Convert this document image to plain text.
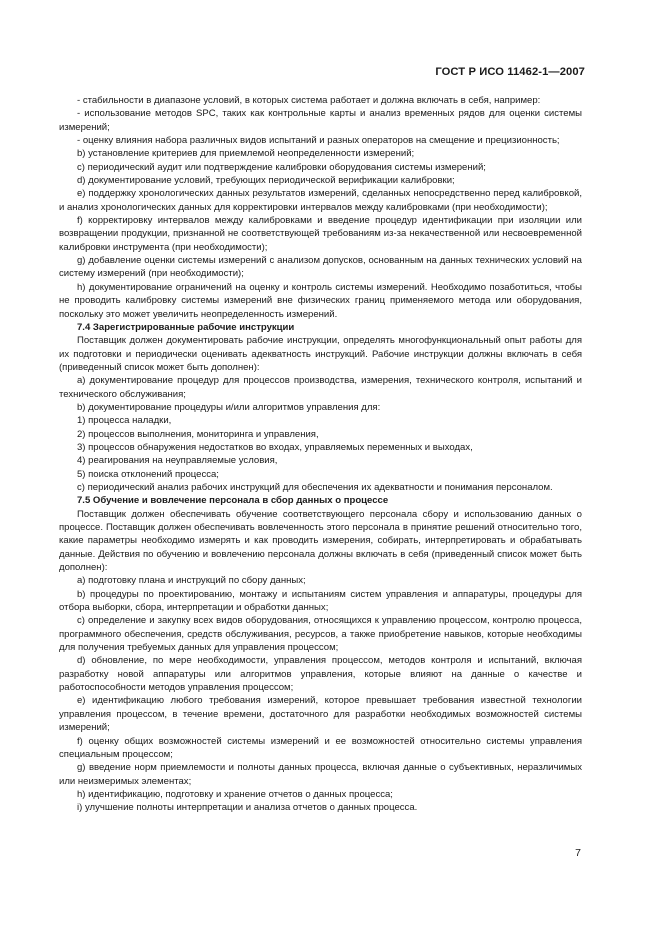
ГОСТ Р ИСО 11462-1—2007

- стабильности в диапазоне условий, в которых система работает и должна включать в себя, например:

- использование методов SPC, таких как контрольные карты и анализ временных рядов для оценки системы измерений;

- оценку влияния набора различных видов испытаний и разных операторов на смещение и прецизионность;

b) установление критериев для приемлемой неопределенности измерений;

c) периодический аудит или подтверждение калибровки оборудования системы измерений;

d) документирование условий, требующих периодической верификации калибровки;

e) поддержку хронологических данных результатов измерений, сделанных непосредственно перед калибровкой, и анализ хронологических данных для корректировки интервалов между калибровками (при необходимости);

f) корректировку интервалов между калибровками и введение процедур идентификации при изоляции или возвращении продукции, признанной не соответствующей требованиям из-за некачественной или несвоевременной калибровки инструмента (при необходимости);

g) добавление оценки системы измерений с анализом допусков, основанным на данных технических условий на систему измерений (при необходимости);

h) документирование ограничений на оценку и контроль системы измерений. Необходимо позаботиться, чтобы не проводить калибровку системы измерений вне физических границ применяемого метода или оборудования, поскольку это может увеличить неопределенность измерений.

7.4 Зарегистрированные рабочие инструкции

Поставщик должен документировать рабочие инструкции, определять многофункциональный опыт работы для их подготовки и периодически оценивать адекватность инструкций. Рабочие инструкции должны включать в себя (приведенный список может быть дополнен):

a) документирование процедур для процессов производства, измерения, технического контроля, испытаний и технического обслуживания;

b) документирование процедуры и/или алгоритмов управления для:

1) процесса наладки,

2) процессов выполнения, мониторинга и управления,

3) процессов обнаружения недостатков во входах, управляемых переменных и выходах,

4) реагирования на неуправляемые условия,

5) поиска отклонений процесса;

c) периодический анализ рабочих инструкций для обеспечения их адекватности и понимания персоналом.

7.5 Обучение и вовлечение персонала в сбор данных о процессе

Поставщик должен обеспечивать обучение соответствующего персонала сбору и использованию данных о процессе. Поставщик должен обеспечивать вовлеченность этого персонала в принятие решений относительно того, какие параметры необходимо измерять и как проводить измерения, собирать, интерпретировать и обрабатывать данные. Действия по обучению и вовлечению персонала должны включать в себя (приведенный список может быть дополнен):

a) подготовку плана и инструкций по сбору данных;

b) процедуры по проектированию, монтажу и испытаниям систем управления и аппаратуры, процедуры для отбора выборки, сбора, интерпретации и обработки данных;

c) определение и закупку всех видов оборудования, относящихся к управлению процессом, контролю процесса, программного обеспечения, средств обслуживания, ресурсов, а также приобретение навыков, которые необходимы для получения требуемых данных для управления процессом;

d) обновление, по мере необходимости, управления процессом, методов контроля и испытаний, включая разработку новой аппаратуры или алгоритмов управления, которые влияют на данные о качестве и работоспособности методов управления процессом;

e) идентификацию любого требования измерений, которое превышает требования известной технологии управления процессом, в течение времени, достаточного для разработки необходимых возможностей системы измерений;

f) оценку общих возможностей системы измерений и ее возможностей относительно системы управления специальным процессом;

g) введение норм приемлемости и полноты данных процесса, включая данные о субъективных, неразличимых или неизмеримых элементах;

h) идентификацию, подготовку и хранение отчетов о данных процесса;

i) улучшение полноты интерпретации и анализа отчетов о данных процесса.

7
